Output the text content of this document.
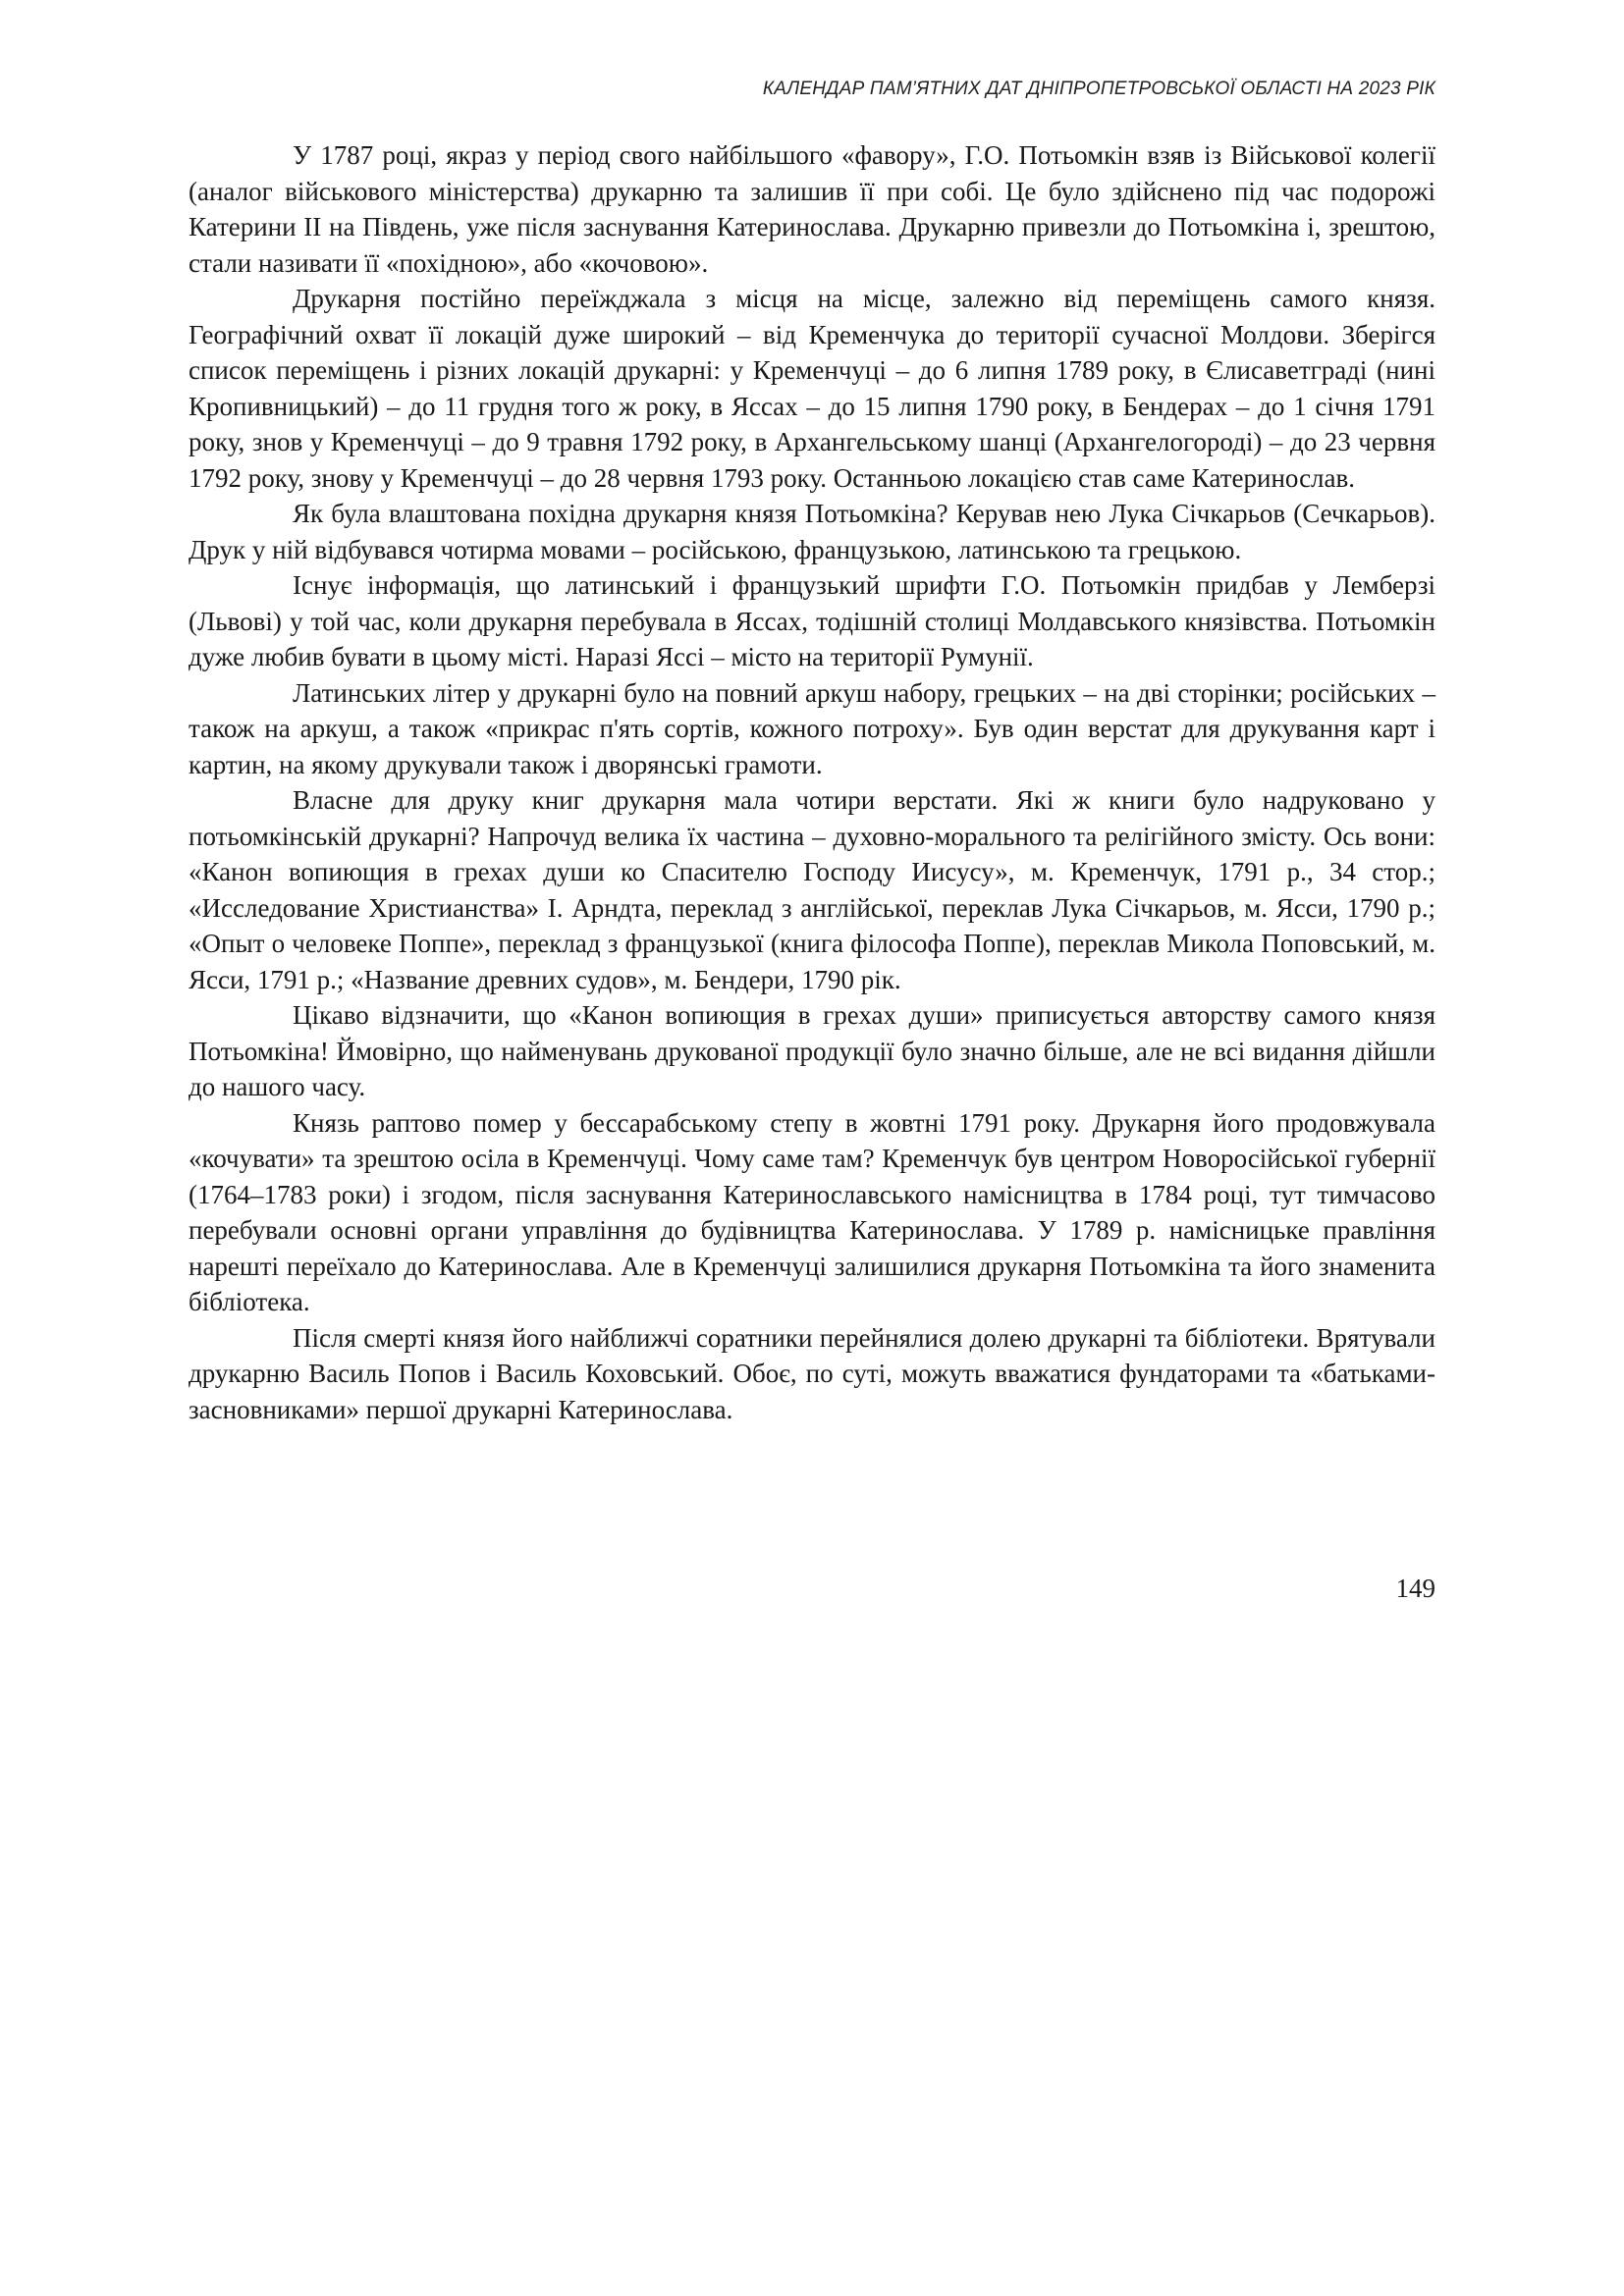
КАЛЕНДАР ПАМ’ЯТНИХ ДАТ ДНІПРОПЕТРОВСЬКОЇ ОБЛАСТІ НА 2023 РІК

У 1787 році, якраз у період свого найбільшого «фавору», Г.О. Потьомкін взяв із Військової колегії (аналог військового міністерства) друкарню та залишив її при собі. Це було здійснено під час подорожі Катерини II на Південь, уже після заснування Катеринослава. Друкарню привезли до Потьомкіна і, зрештою, стали називати її «похідною», або «кочовою».

Друкарня постійно переїжджала з місця на місце, залежно від переміщень самого князя. Географічний охват її локацій дуже широкий – від Кременчука до території сучасної Молдови. Зберігся список переміщень і різних локацій друкарні: у Кременчуці – до 6 липня 1789 року, в Єлисаветграді (нині Кропивницький) – до 11 грудня того ж року, в Яссах – до 15 липня 1790 року, в Бендерах – до 1 січня 1791 року, знов у Кременчуці – до 9 травня 1792 року, в Архангельському шанці (Архангелогороді) – до 23 червня 1792 року, знову у Кременчуці – до 28 червня 1793 року. Останньою локацією став саме Катеринослав.

Як була влаштована похідна друкарня князя Потьомкіна? Керував нею Лука Січкарьов (Сечкарьов). Друк у ній відбувався чотирма мовами – російською, французькою, латинською та грецькою.

Існує інформація, що латинський і французький шрифти Г.О. Потьомкін придбав у Лемберзі (Львові) у той час, коли друкарня перебувала в Яссах, тодішній столиці Молдавського князівства. Потьомкін дуже любив бувати в цьому місті. Наразі Яссі – місто на території Румунії.

Латинських літер у друкарні було на повний аркуш набору, грецьких – на дві сторінки; російських – також на аркуш, а також «прикрас п'ять сортів, кожного потроху». Був один верстат для друкування карт і картин, на якому друкували також і дворянські грамоти.

Власне для друку книг друкарня мала чотири верстати. Які ж книги було надруковано у потьомкінській друкарні? Напрочуд велика їх частина – духовно-морального та релігійного змісту. Ось вони: «Канон вопиющия в грехах души ко Спасителю Господу Иисусу», м. Кременчук, 1791 р., 34 стор.; «Исследование Христианства» І. Арндта, переклад з англійської, переклав Лука Січкарьов, м. Ясси, 1790 р.; «Опыт о человеке Поппе», переклад з французької (книга філософа Поппе), переклав Микола Поповський, м. Ясси, 1791 р.; «Название древних судов», м. Бендери, 1790 рік.

Цікаво відзначити, що «Канон вопиющия в грехах души» приписується авторству самого князя Потьомкіна! Ймовірно, що найменувань друкованої продукції було значно більше, але не всі видання дійшли до нашого часу.

Князь раптово помер у бессарабському степу в жовтні 1791 року. Друкарня його продовжувала «кочувати» та зрештою осіла в Кременчуці. Чому саме там? Кременчук був центром Новоросійської губернії (1764–1783 роки) і згодом, після заснування Катеринославського намісництва в 1784 році, тут тимчасово перебували основні органи управління до будівництва Катеринослава. У 1789 р. намісницьке правління нарешті переїхало до Катеринослава. Але в Кременчуці залишилися друкарня Потьомкіна та його знаменита бібліотека.

Після смерті князя його найближчі соратники перейнялися долею друкарні та бібліотеки. Врятували друкарню Василь Попов і Василь Коховський. Обоє, по суті, можуть вважатися фундаторами та «батьками-засновниками» першої друкарні Катеринослава.

149
